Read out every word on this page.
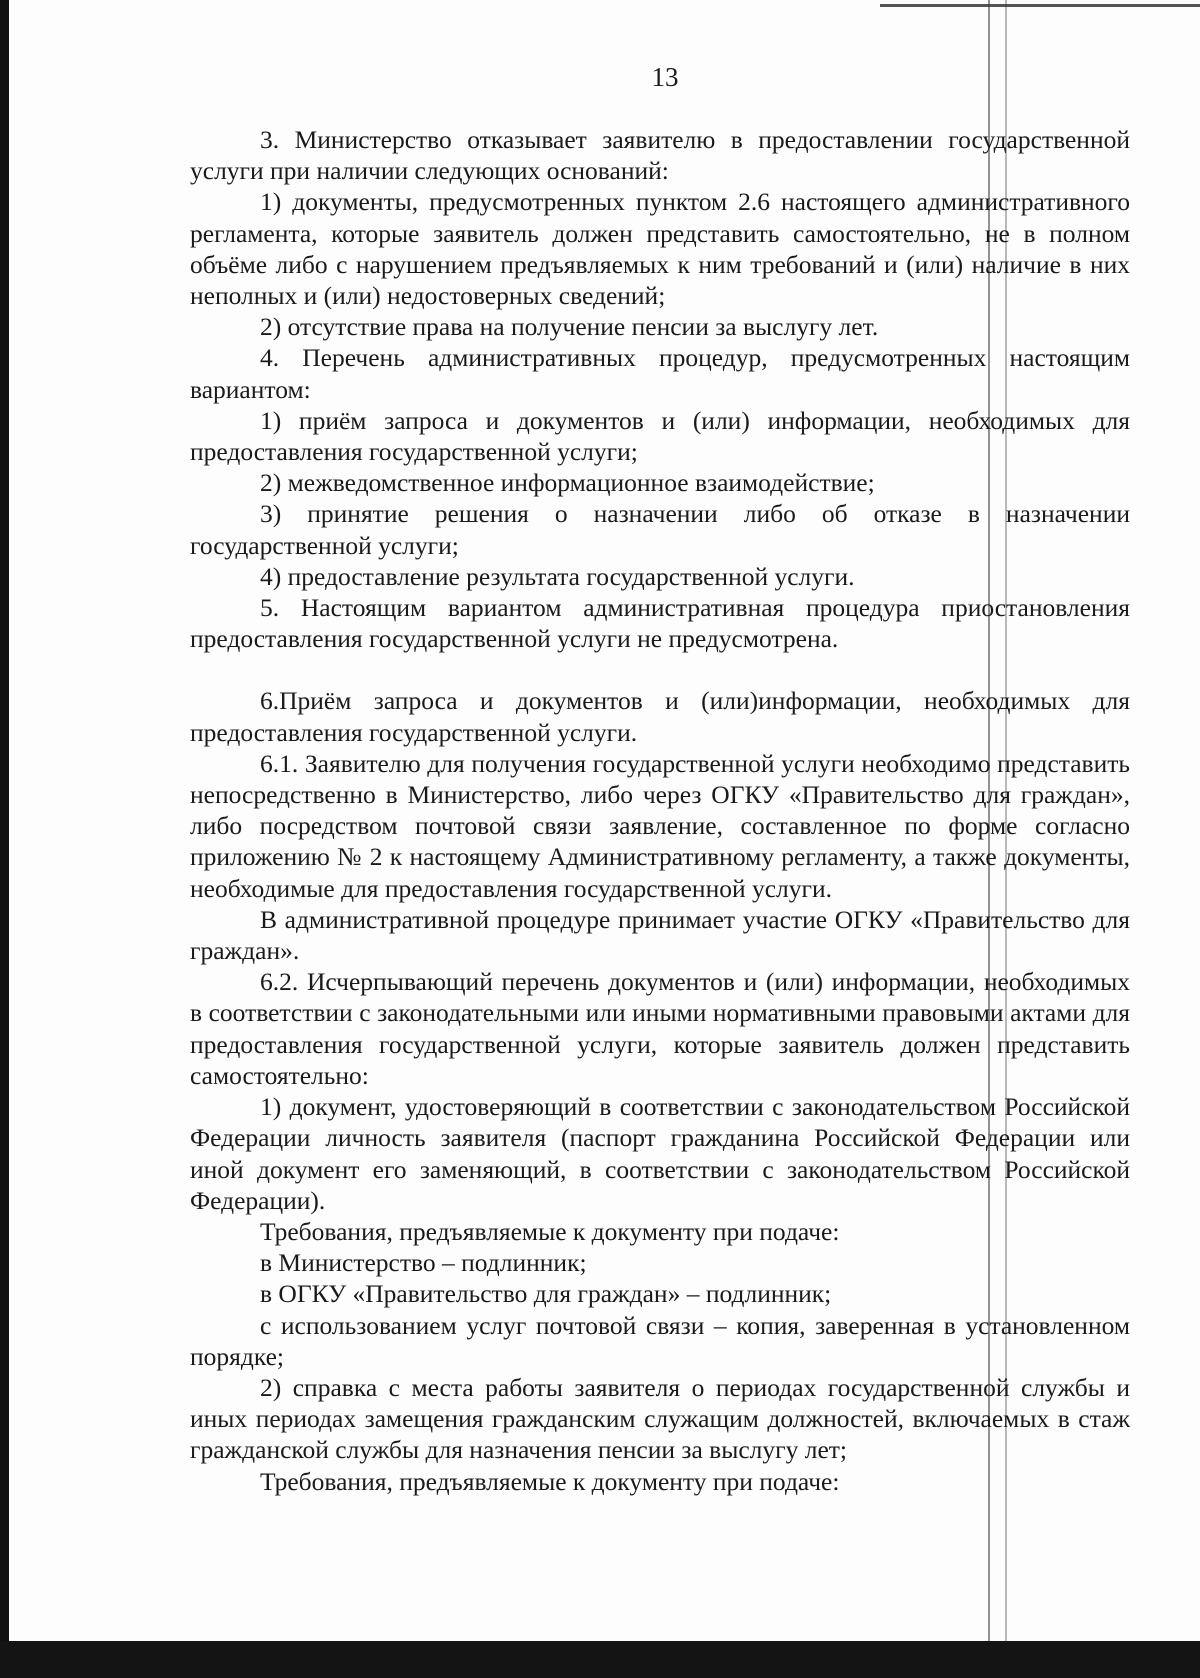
13

3. Министерство отказывает заявителю в предоставлении государственной услуги при наличии следующих оснований:

1) документы, предусмотренных пунктом 2.6 настоящего административного регламента, которые заявитель должен представить самостоятельно, не в полном объёме либо с нарушением предъявляемых к ним требований и (или) наличие в них неполных и (или) недостоверных сведений;

2) отсутствие права на получение пенсии за выслугу лет.

4. Перечень административных процедур, предусмотренных настоящим вариантом:

1) приём запроса и документов и (или) информации, необходимых для предоставления государственной услуги;

2) межведомственное информационное взаимодействие;

3) принятие решения о назначении либо об отказе в назначении государственной услуги;

4) предоставление результата государственной услуги.

5. Настоящим вариантом административная процедура приостановления предоставления государственной услуги не предусмотрена.

6.Приём запроса и документов и (или)информации, необходимых для предоставления государственной услуги.

6.1. Заявителю для получения государственной услуги необходимо представить непосредственно в Министерство, либо через ОГКУ «Правительство для граждан», либо посредством почтовой связи заявление, составленное по форме согласно приложению № 2 к настоящему Административному регламенту, а также документы, необходимые для предоставления государственной услуги.

В административной процедуре принимает участие ОГКУ «Правительство для граждан».

6.2. Исчерпывающий перечень документов и (или) информации, необходимых в соответствии с законодательными или иными нормативными правовыми актами для предоставления государственной услуги, которые заявитель должен представить самостоятельно:

1) документ, удостоверяющий в соответствии с законодательством Российской Федерации личность заявителя (паспорт гражданина Российской Федерации или иной документ его заменяющий, в соответствии с законодательством Российской Федерации).

Требования, предъявляемые к документу при подаче:

в Министерство – подлинник;

в ОГКУ «Правительство для граждан» – подлинник;

с использованием услуг почтовой связи – копия, заверенная в установленном порядке;

2) справка с места работы заявителя о периодах государственной службы и иных периодах замещения гражданским служащим должностей, включаемых в стаж гражданской службы для назначения пенсии за выслугу лет;

Требования, предъявляемые к документу при подаче:
